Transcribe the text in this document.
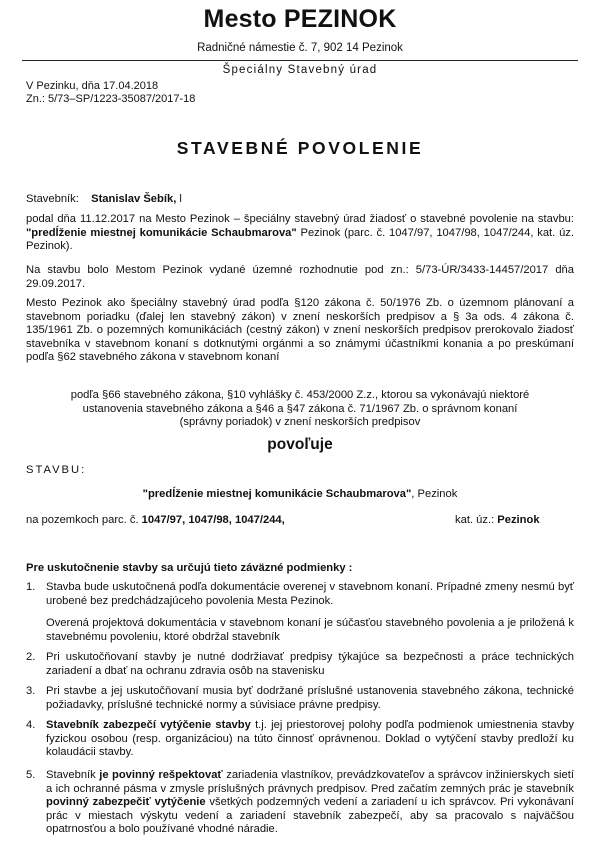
Mesto PEZINOK
Radničné námestie č. 7, 902 14 Pezinok
Špeciálny Stavebný úrad
V Pezinku, dňa 17.04.2018
Zn.: 5/73–SP/1223-35087/2017-18
STAVEBNÉ POVOLENIE
Stavebník: Stanislav Šebík, l
podal dňa 11.12.2017 na Mesto Pezinok – špeciálny stavebný úrad žiadosť o stavebné povolenie na stavbu: "predĺženie miestnej komunikácie Schaubmarova" Pezinok (parc. č. 1047/97, 1047/98, 1047/244, kat. úz. Pezinok).
Na stavbu bolo Mestom Pezinok vydané územné rozhodnutie pod zn.: 5/73-ÚR/3433-14457/2017 dňa 29.09.2017.
Mesto Pezinok ako špeciálny stavebný úrad podľa §120 zákona č. 50/1976 Zb. o územnom plánovaní a stavebnom poriadku (ďalej len stavebný zákon) v znení neskorších predpisov a § 3a ods. 4 zákona č. 135/1961 Zb. o pozemných komunikáciách (cestný zákon) v znení neskorších predpisov prerokovalo žiadosť stavebníka v stavebnom konaní s dotknutými orgánmi a so známymi účastníkmi konania a po preskúmaní podľa §62 stavebného zákona v stavebnom konaní
podľa §66 stavebného zákona, §10 vyhlášky č. 453/2000 Z.z., ktorou sa vykonávajú niektoré ustanovenia stavebného zákona a §46 a §47 zákona č. 71/1967 Zb. o správnom konaní (správny poriadok) v znení neskorších predpisov
povoľuje
STAVBU:
"predĺženie miestnej komunikácie Schaubmarova", Pezinok
na pozemkoch parc. č. 1047/97, 1047/98, 1047/244,	kat. úz.: Pezinok
Pre uskutočnenie stavby sa určujú tieto záväzné podmienky :
1. Stavba bude uskutočnená podľa dokumentácie overenej v stavebnom konaní. Prípadné zmeny nesmú byť urobené bez predchádzajúceho povolenia Mesta Pezinok.
Overená projektová dokumentácia v stavebnom konaní je súčasťou stavebného povolenia a je priložená k stavebnému povoleniu, ktoré obdržal stavebník
2. Pri uskutočňovaní stavby je nutné dodržiavať predpisy týkajúce sa bezpečnosti a práce technických zariadení a dbať na ochranu zdravia osôb na stavenisku
3. Pri stavbe a jej uskutočňovaní musia byť dodržané príslušné ustanovenia stavebného zákona, technické požiadavky, príslušné technické normy a súvisiace právne predpisy.
4. Stavebník zabezpečí vytýčenie stavby t.j. jej priestorovej polohy podľa podmienok umiestnenia stavby fyzickou osobou (resp. organizáciou) na túto činnosť oprávnenou. Doklad o vytýčení stavby predloží ku kolaudácii stavby.
5. Stavebník je povinný rešpektovať zariadenia vlastníkov, prevádzkovateľov a správcov inžinierskych sietí a ich ochranné pásma v zmysle príslušných právnych predpisov. Pred začatím zemných prác je stavebník povinný zabezpečiť vytýčenie všetkých podzemných vedení a zariadení u ich správcov. Pri vykonávaní prác v miestach výskytu vedení a zariadení stavebník zabezpečí, aby sa pracovalo s najväčšou opatrnosťou a bolo používané vhodné náradie.
